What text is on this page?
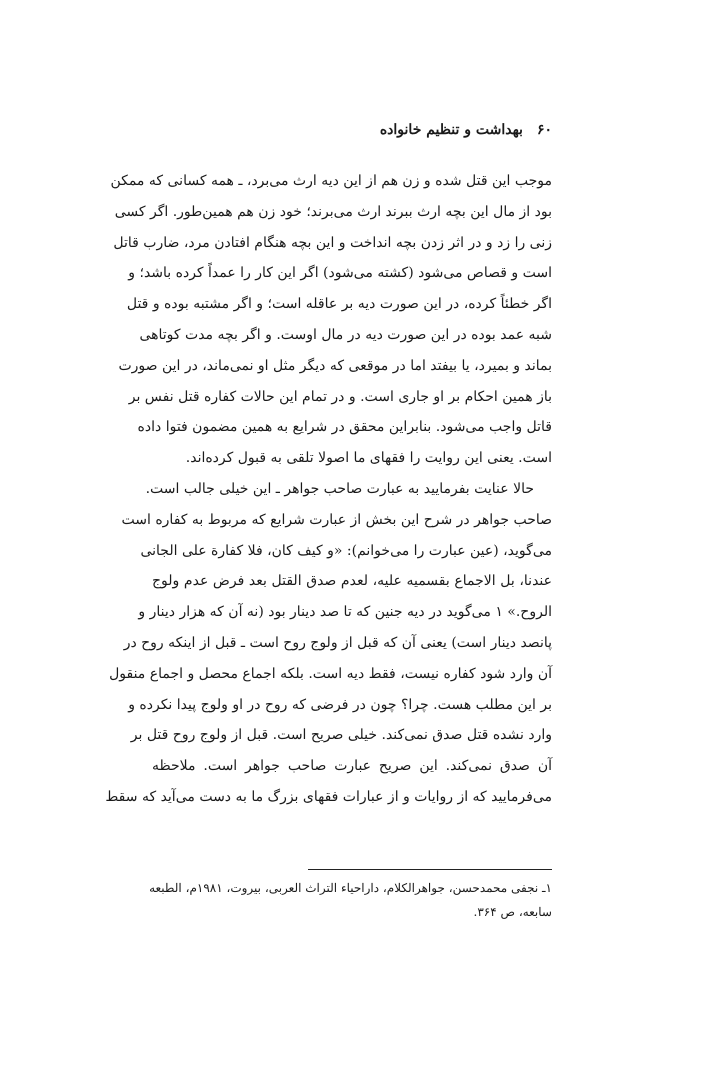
۶۰
بهداشت و تنظیم خانواده
موجب این قتل شده و زن هم از این دیه ارث می‌برد، ـ همه کسانی که ممکن
بود از مال این بچه ارث ببرند ارث می‌برند؛ خود زن هم همین‌طور. اگر کسی
زنی را زد و در اثر زدن بچه انداخت و این بچه هنگام افتادن مرد، ضارب قاتل
است و قصاص می‌شود (کشته می‌شود) اگر این کار را عمداً کرده باشد؛ و
اگر خطئاً کرده، در این صورت دیه بر عاقله است؛ و اگر مشتبه بوده و قتل
شبه عمد بوده در این صورت دیه در مال اوست. و اگر بچه مدت کوتاهی
بماند و بمیرد، یا بیفتد اما در موقعی که دیگر مثل او نمی‌ماند، در این صورت
باز همین احکام بر او جاری است. و در تمام این حالات کفاره قتل نفس بر
قاتل واجب می‌شود. بنابراین محقق در شرایع به همین مضمون فتوا داده
است. یعنی این روایت را فقهای ما اصولا تلقی به قبول کرده‌اند.
حالا عنایت بفرمایید به عبارت صاحب جواهر ـ این خیلی جالب است.
صاحب جواهر در شرح این بخش از عبارت شرایع که مربوط به کفاره است
می‌گوید، (عین عبارت را می‌خوانم): «و کیف کان، فلا کفارة علی الجانی
عندنا، بل الاجماع بقسمیه علیه، لعدم صدق القتل بعد فرض عدم ولوج
الروح.» ۱ می‌گوید در دیه جنین که تا صد دینار بود (نه آن که هزار دینار و
پانصد دینار است) یعنی آن که قبل از ولوج روح است ـ قبل از اینکه روح در
آن وارد شود کفاره نیست، فقط دیه است. بلکه اجماع محصل و اجماع منقول
بر این مطلب هست. چرا؟ چون در فرضی که روح در او ولوج پیدا نکرده و
وارد نشده قتل صدق نمی‌کند. خیلی صریح است. قبل از ولوج روح قتل بر
آن صدق نمی‌کند. این صریح عبارت صاحب جواهر است. ملاحظه
می‌فرمایید که از روایات و از عبارات فقهای بزرگ ما به دست می‌آید که سقط
۱ـ نجفی محمدحسن، جواهرالکلام، داراحیاء التراث العربی، بیروت، ۱۹۸۱م، الطبعه
سابعه، ص ۳۶۴.
